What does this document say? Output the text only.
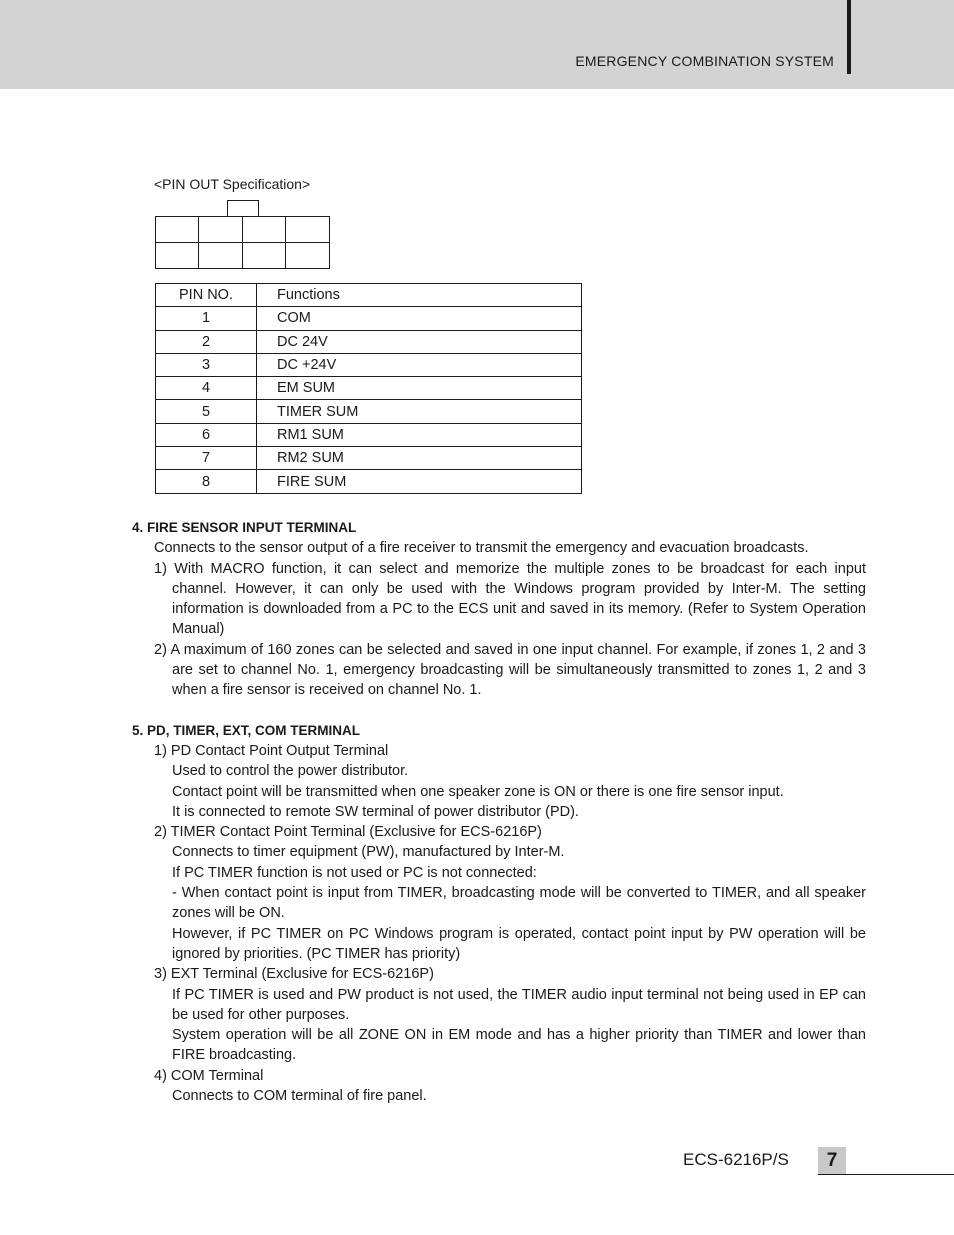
EMERGENCY COMBINATION SYSTEM
<PIN OUT Specification>
PIN NO.	Functions
1	COM
2	DC 24V
3	DC +24V
4	EM SUM
5	TIMER SUM
6	RM1 SUM
7	RM2 SUM
8	FIRE SUM
4. FIRE SENSOR INPUT TERMINAL
Connects to the sensor output of a fire receiver to transmit the emergency and evacuation broadcasts.
1) With MACRO function, it can select and memorize the multiple zones to be broadcast for each input channel. However, it can only be used with the Windows program provided by Inter-M. The setting information is downloaded from a PC to the ECS unit and saved in its memory. (Refer to System Operation Manual)
2) A maximum of 160 zones can be selected and saved in one input channel. For example, if zones 1, 2 and 3 are set to channel No. 1, emergency broadcasting will be simultaneously transmitted to zones 1, 2 and 3 when a fire sensor is received on channel No. 1.
5. PD, TIMER, EXT, COM TERMINAL
1) PD Contact Point Output Terminal
Used to control the power distributor.
Contact point will be transmitted when one speaker zone is ON or there is one fire sensor input.
It is connected to remote SW terminal of power distributor (PD).
2) TIMER Contact Point Terminal (Exclusive for ECS-6216P)
Connects to timer equipment (PW), manufactured by Inter-M.
If PC TIMER function is not used or PC is not connected:
- When contact point is input from TIMER, broadcasting mode will be converted to TIMER, and all speaker zones will be ON.
However, if PC TIMER on PC Windows program is operated, contact point input by PW operation will be ignored by priorities. (PC TIMER has priority)
3) EXT Terminal (Exclusive for ECS-6216P)
If PC TIMER is used and PW product is not used, the TIMER audio input terminal not being used in EP can be used for other purposes.
System operation will be all ZONE ON in EM mode and has a higher priority than TIMER and lower than FIRE broadcasting.
4) COM Terminal
Connects to COM terminal of fire panel.
ECS-6216P/S	7
